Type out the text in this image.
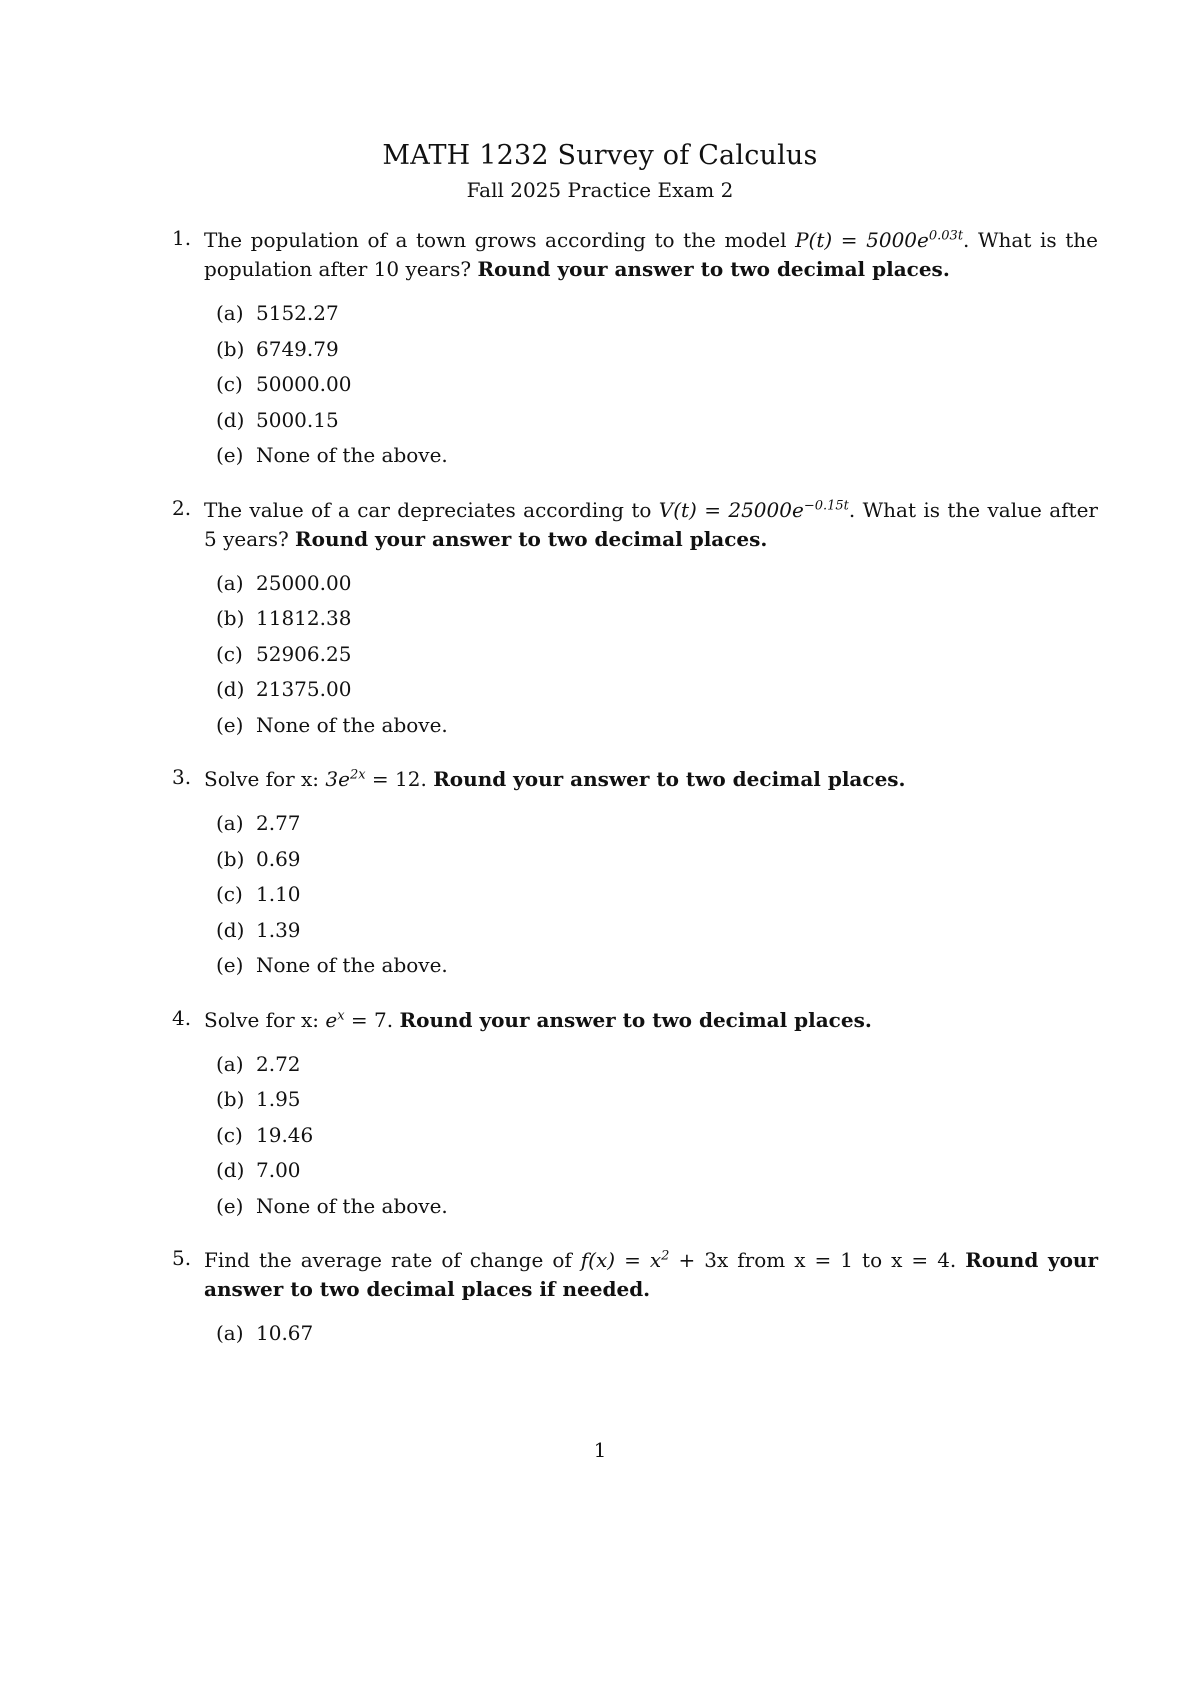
MATH 1232 Survey of Calculus
Fall 2025 Practice Exam 2
1. The population of a town grows according to the model $P(t) = 5000e^{0.03t}$. What is the population after 10 years? Round your answer to two decimal places.
(a) 5152.27
(b) 6749.79
(c) 50000.00
(d) 5000.15
(e) None of the above.
2. The value of a car depreciates according to $V(t) = 25000e^{-0.15t}$. What is the value after 5 years? Round your answer to two decimal places.
(a) 25000.00
(b) 11812.38
(c) 52906.25
(d) 21375.00
(e) None of the above.
3. Solve for x: $3e^{2x} = 12$. Round your answer to two decimal places.
(a) 2.77
(b) 0.69
(c) 1.10
(d) 1.39
(e) None of the above.
4. Solve for x: $e^x = 7$. Round your answer to two decimal places.
(a) 2.72
(b) 1.95
(c) 19.46
(d) 7.00
(e) None of the above.
5. Find the average rate of change of $f(x) = x^2 + 3x$ from x = 1 to x = 4. Round your answer to two decimal places if needed.
(a) 10.67
1
